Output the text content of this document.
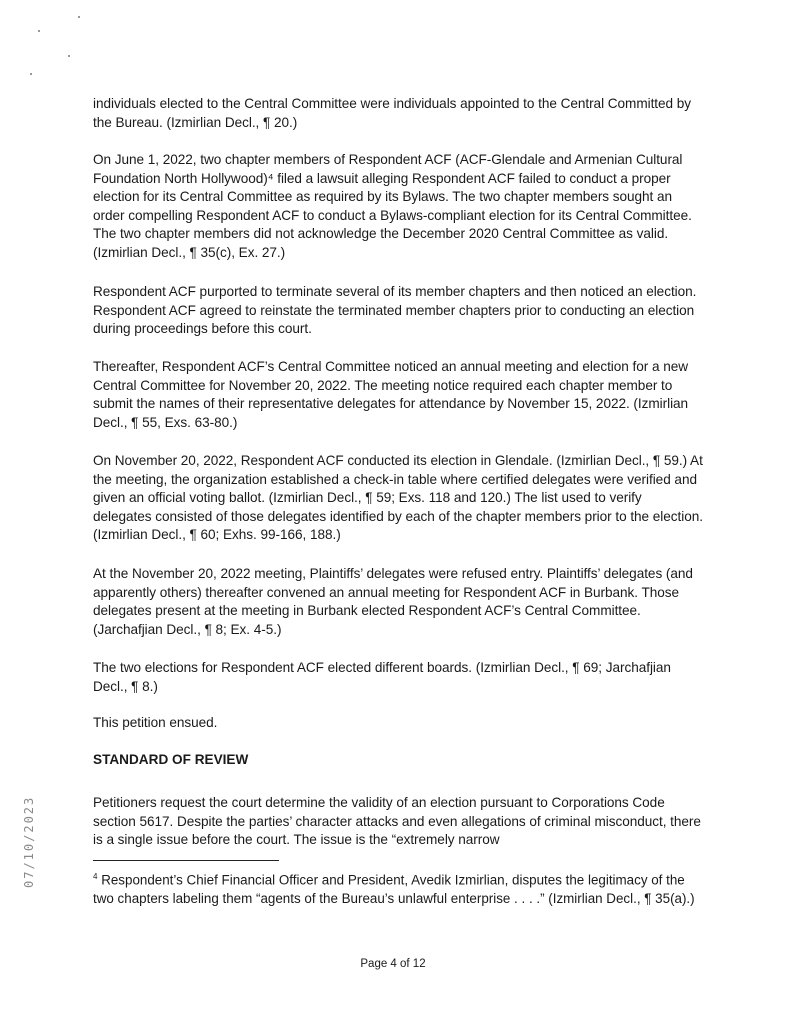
individuals elected to the Central Committee were individuals appointed to the Central Committed by the Bureau. (Izmirlian Decl., ¶ 20.)

On June 1, 2022, two chapter members of Respondent ACF (ACF-Glendale and Armenian Cultural Foundation North Hollywood)⁴ filed a lawsuit alleging Respondent ACF failed to conduct a proper election for its Central Committee as required by its Bylaws. The two chapter members sought an order compelling Respondent ACF to conduct a Bylaws-compliant election for its Central Committee. The two chapter members did not acknowledge the December 2020 Central Committee as valid. (Izmirlian Decl., ¶ 35(c), Ex. 27.)

Respondent ACF purported to terminate several of its member chapters and then noticed an election. Respondent ACF agreed to reinstate the terminated member chapters prior to conducting an election during proceedings before this court.

Thereafter, Respondent ACF’s Central Committee noticed an annual meeting and election for a new Central Committee for November 20, 2022. The meeting notice required each chapter member to submit the names of their representative delegates for attendance by November 15, 2022. (Izmirlian Decl., ¶ 55, Exs. 63-80.)

On November 20, 2022, Respondent ACF conducted its election in Glendale. (Izmirlian Decl., ¶ 59.) At the meeting, the organization established a check-in table where certified delegates were verified and given an official voting ballot. (Izmirlian Decl., ¶ 59; Exs. 118 and 120.) The list used to verify delegates consisted of those delegates identified by each of the chapter members prior to the election. (Izmirlian Decl., ¶ 60; Exhs. 99-166, 188.)

At the November 20, 2022 meeting, Plaintiffs’ delegates were refused entry. Plaintiffs’ delegates (and apparently others) thereafter convened an annual meeting for Respondent ACF in Burbank. Those delegates present at the meeting in Burbank elected Respondent ACF’s Central Committee. (Jarchafjian Decl., ¶ 8; Ex. 4-5.)

The two elections for Respondent ACF elected different boards. (Izmirlian Decl., ¶ 69; Jarchafjian Decl., ¶ 8.)

This petition ensued.

STANDARD OF REVIEW

Petitioners request the court determine the validity of an election pursuant to Corporations Code section 5617. Despite the parties’ character attacks and even allegations of criminal misconduct, there is a single issue before the court. The issue is the “extremely narrow

$^4$ Respondent’s Chief Financial Officer and President, Avedik Izmirlian, disputes the legitimacy of the two chapters labeling them “agents of the Bureau’s unlawful enterprise . . . .” (Izmirlian Decl., ¶ 35(a).)

07/10/2023
Page 4 of 12
